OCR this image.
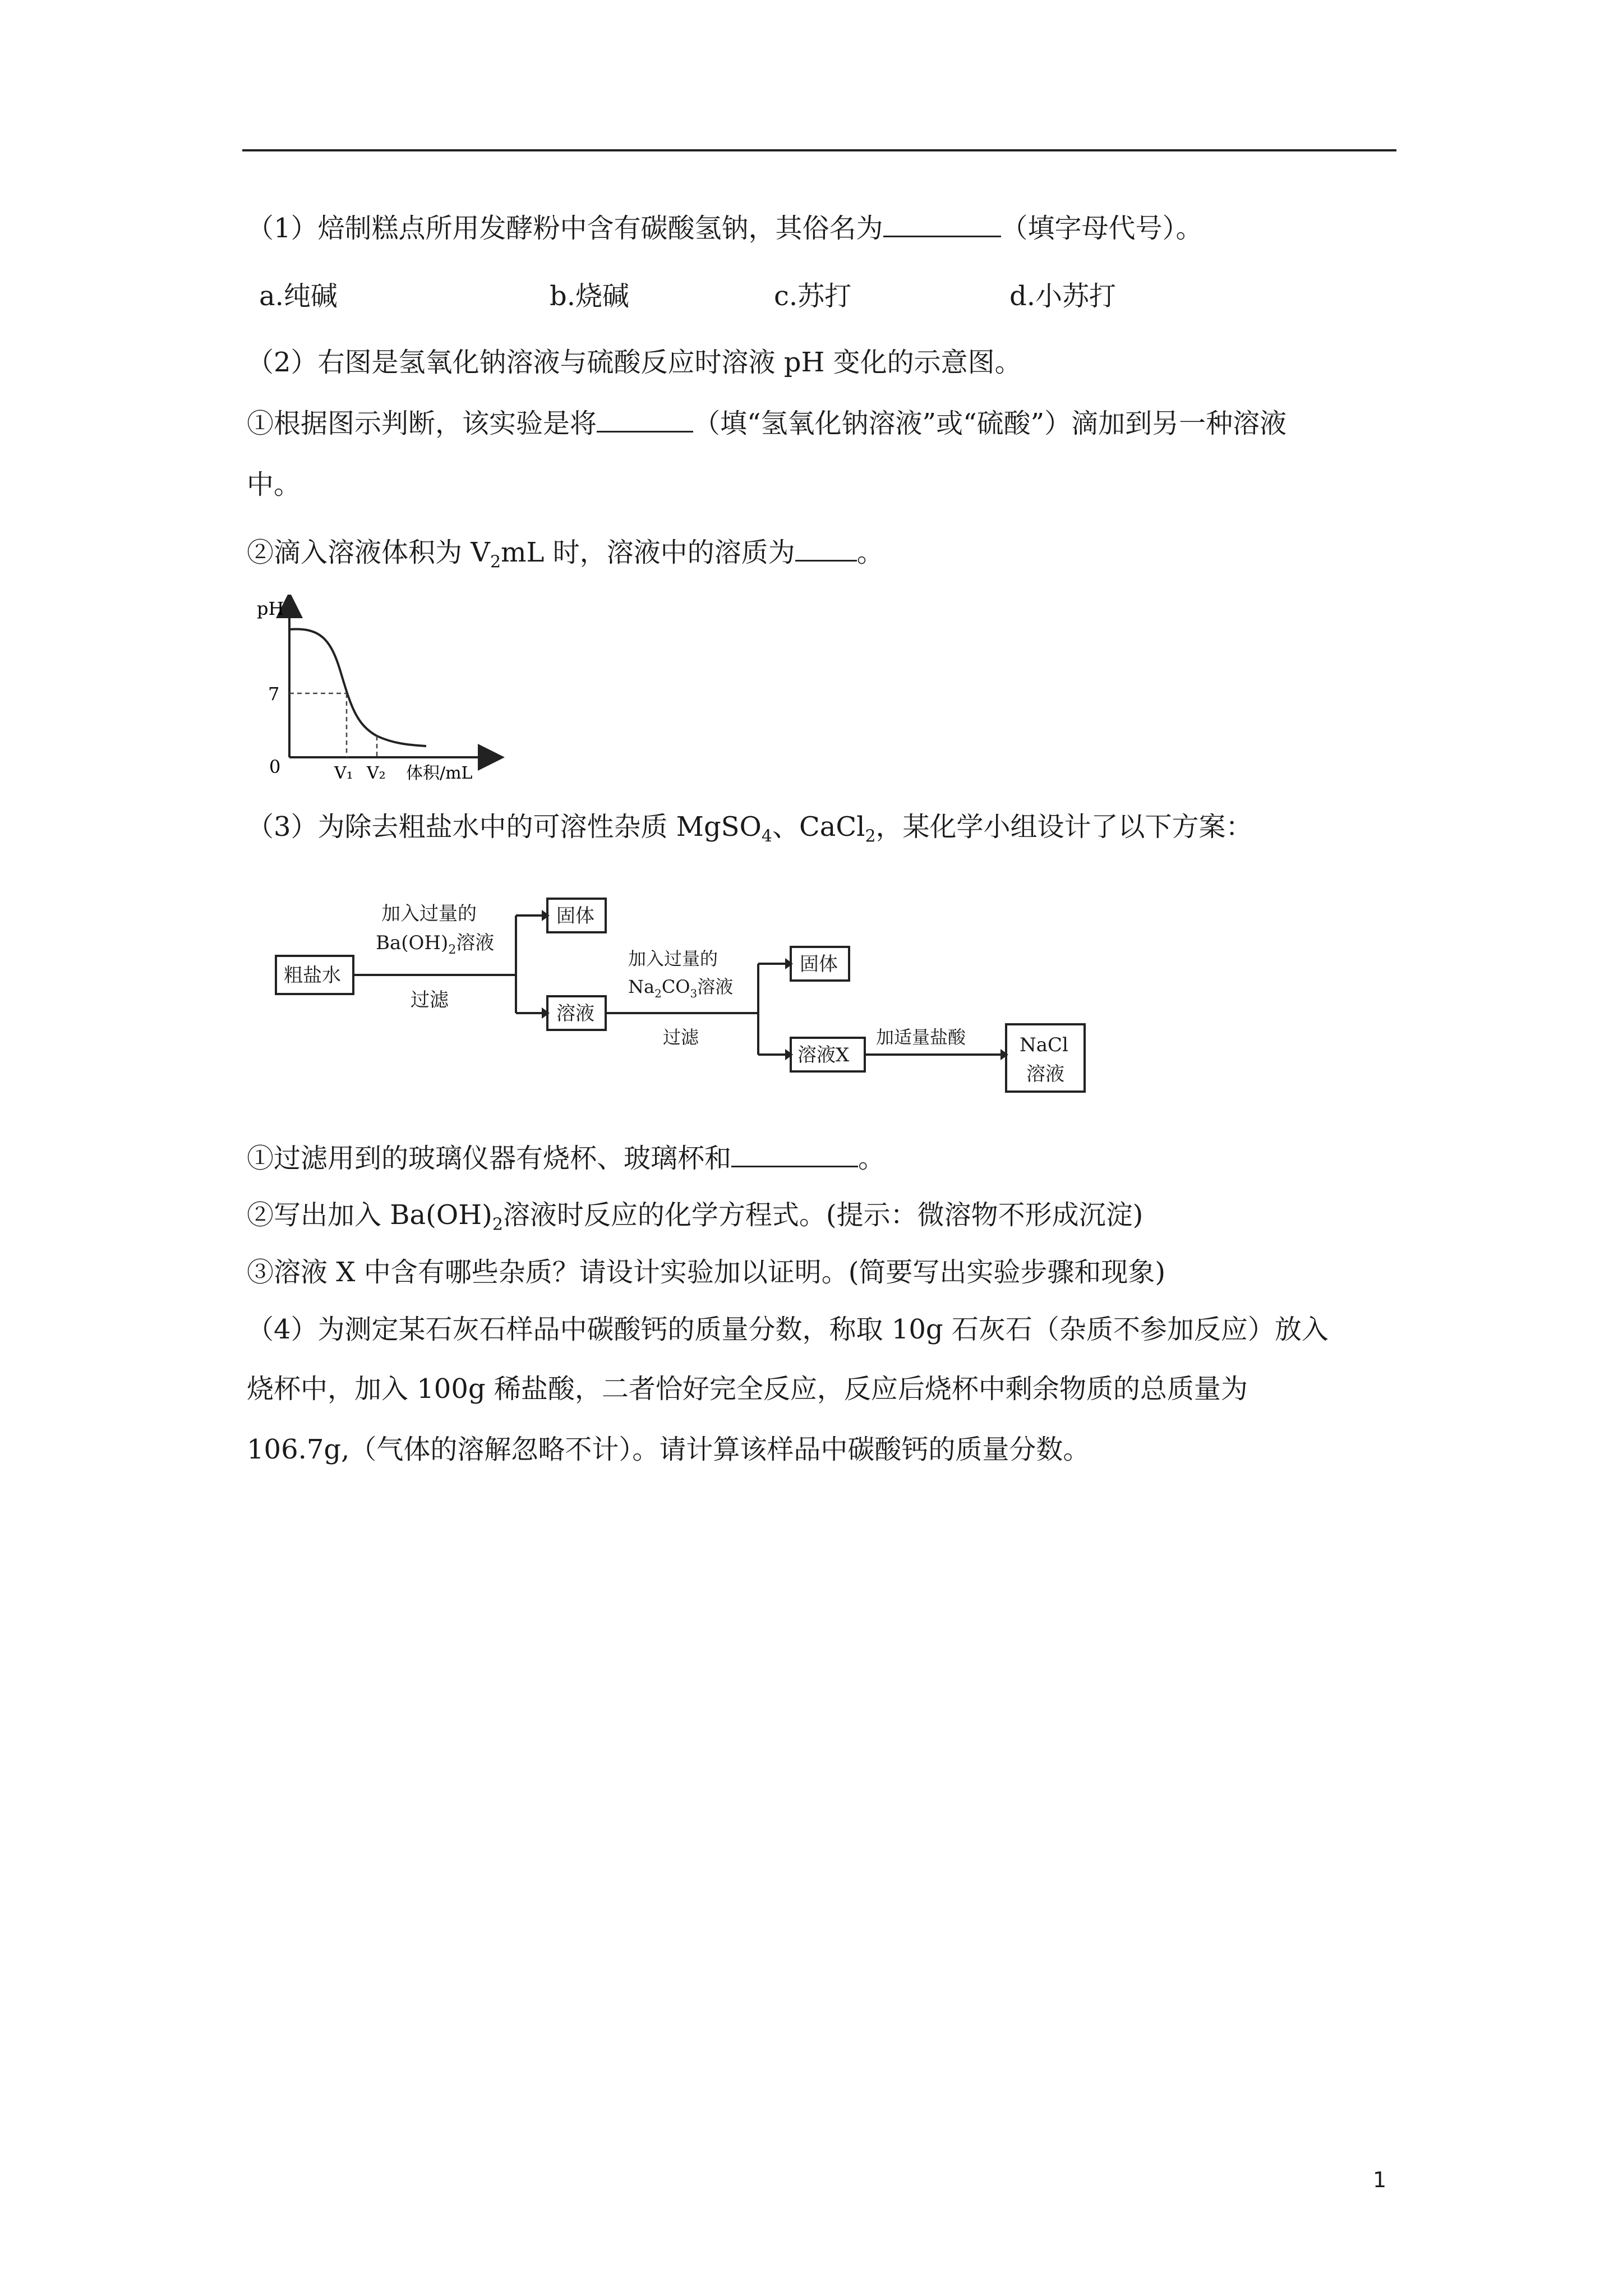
（1）焙制糕点所用发酵粉中含有碳酸氢钠，其俗名为	（填字母代号）。
a.纯碱	b.烧碱	c.苏打	d.小苏打
（2）右图是氢氧化钠溶液与硫酸反应时溶液 pH 变化的示意图。
①根据图示判断，该实验是将	（填“氢氧化钠溶液”或“硫酸”）滴加到另一种溶液
中。
②滴入溶液体积为 $V_2mL$ 时，溶液中的溶质为 。
pH
7
0	V₁ V₂ 体积/mL
（3）为除去粗盐水中的可溶性杂质 MgSO$_4$、CaCl$_2$，某化学小组设计了以下方案：
粗盐水
加入过量的
$Ba(OH)_2$溶液
过滤
固体
溶液
加入过量的
$Na_2CO_3$溶液
过滤
固体
溶液X
加适量盐酸	NaCl
溶液
①过滤用到的玻璃仪器有烧杯、玻璃杯和	。
②写出加入 $Ba(OH)_2$溶液时反应的化学方程式。(提示：微溶物不形成沉淀)
③溶液 X 中含有哪些杂质？请设计实验加以证明。(简要写出实验步骤和现象)
（4）为测定某石灰石样品中碳酸钙的质量分数，称取 10g 石灰石（杂质不参加反应）放入
烧杯中，加入 100g 稀盐酸，二者恰好完全反应，反应后烧杯中剩余物质的总质量为
106.7g,（气体的溶解忽略不计）。请计算该样品中碳酸钙的质量分数。
1
